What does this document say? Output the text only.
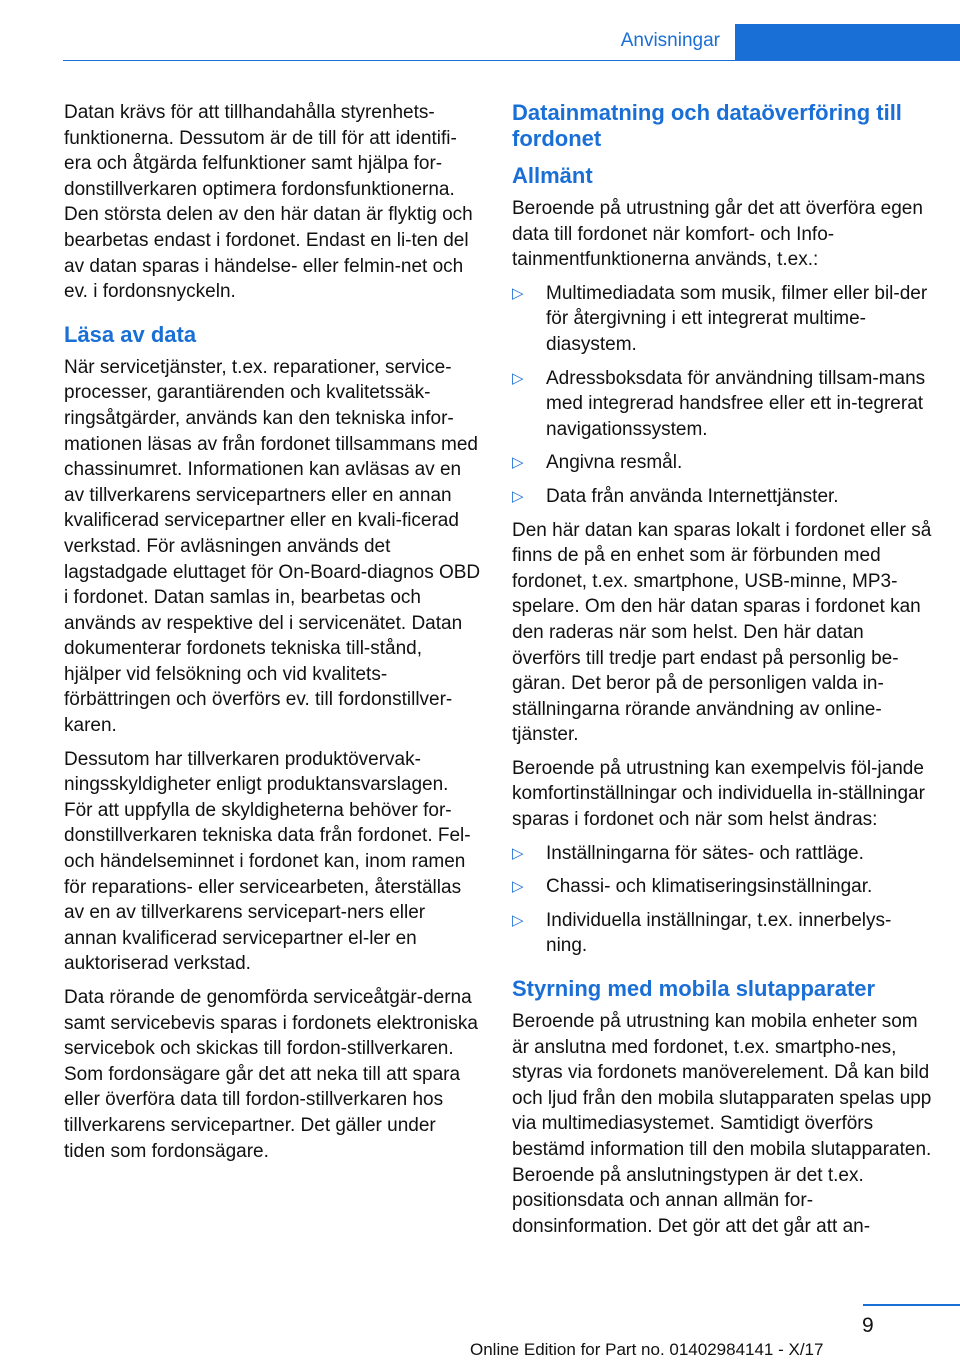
Anvisningar

Datan krävs för att tillhandahålla styrenhets-funktionerna. Dessutom är de till för att identifi-era och åtgärda felfunktioner samt hjälpa for-donstillverkaren optimera fordonsfunktionerna. Den största delen av den här datan är flyktig och bearbetas endast i fordonet. Endast en li-ten del av datan sparas i händelse- eller felmin-net och ev. i fordonsnyckeln.

Läsa av data

När servicetjänster, t.ex. reparationer, service-processer, garantiärenden och kvalitetssäk-ringsåtgärder, används kan den tekniska infor-mationen läsas av från fordonet tillsammans med chassinumret. Informationen kan avläsas av en av tillverkarens servicepartners eller en annan kvalificerad servicepartner eller en kvali-ficerad verkstad. För avläsningen används det lagstadgade eluttaget för On-Board-diagnos OBD i fordonet. Datan samlas in, bearbetas och används av respektive del i servicenätet. Datan dokumenterar fordonets tekniska till-stånd, hjälper vid felsökning och vid kvalitets-förbättringen och överförs ev. till fordonstillver-karen.

Dessutom har tillverkaren produktövervak-ningsskyldigheter enligt produktansvarslagen. För att uppfylla de skyldigheterna behöver for-donstillverkaren tekniska data från fordonet. Fel- och händelseminnet i fordonet kan, inom ramen för reparations- eller servicearbeten, återställas av en av tillverkarens servicepart-ners eller annan kvalificerad servicepartner el-ler en auktoriserad verkstad.

Data rörande de genomförda serviceåtgär-derna samt servicebevis sparas i fordonets elektroniska servicebok och skickas till fordon-stillverkaren. Som fordonsägare går det att neka till att spara eller överföra data till fordon-stillverkaren hos tillverkarens servicepartner. Det gäller under tiden som fordonsägare.

Datainmatning och dataöverföring till fordonet
Allmänt

Beroende på utrustning går det att överföra egen data till fordonet när komfort- och Info-tainmentfunktionerna används, t.ex.:

▷ Multimediadata som musik, filmer eller bil-der för återgivning i ett integrerat multime-diasystem.
▷ Adressboksdata för användning tillsam-mans med integrerad handsfree eller ett in-tegrerat navigationssystem.
▷ Angivna resmål.
▷ Data från använda Internettjänster.

Den här datan kan sparas lokalt i fordonet eller så finns de på en enhet som är förbunden med fordonet, t.ex. smartphone, USB-minne, MP3-spelare. Om den här datan sparas i fordonet kan den raderas när som helst. Den här datan överförs till tredje part endast på personlig be-gäran. Det beror på de personligen valda in-ställningarna rörande användning av online-tjänster.

Beroende på utrustning kan exempelvis föl-jande komfortinställningar och individuella in-ställningar sparas i fordonet och när som helst ändras:

▷ Inställningarna för sätes- och rattläge.
▷ Chassi- och klimatiseringsinställningar.
▷ Individuella inställningar, t.ex. innerbelys-ning.
Styrning med mobila slutapparater

Beroende på utrustning kan mobila enheter som är anslutna med fordonet, t.ex. smartpho-nes, styras via fordonets manöverelement. Då kan bild och ljud från den mobila slutapparaten spelas upp via multimediasystemet. Samtidigt överförs bestämd information till den mobila slutapparaten. Beroende på anslutningstypen är det t.ex. positionsdata och annan allmän for-donsinformation. Det gör att det går att an-

9
Online Edition for Part no. 01402984141 - X/17
